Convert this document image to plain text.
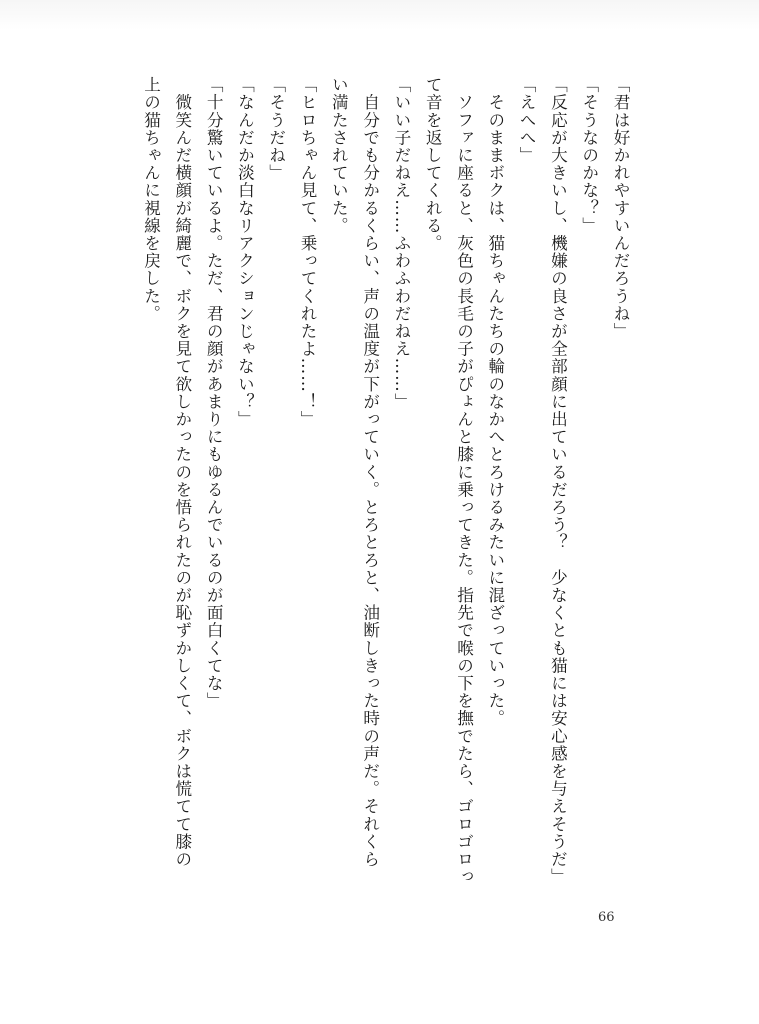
「君は好かれやすいんだろうね」

「そうなのかな？」

「反応が大きいし、機嫌の良さが全部顔に出ているだろう？　少なくとも猫には安心感を与えそうだ」

「えへへ」

　そのままボクは、猫ちゃんたちの輪のなかへとろけるみたいに混ざっていった。

　ソファに座ると、灰色の長毛の子がぴょんと膝に乗ってきた。指先で喉の下を撫でたら、ゴロゴロっ

て音を返してくれる。

「いい子だねえ……ふわふわだねえ……」

　自分でも分かるくらい、声の温度が下がっていく。とろとろと、油断しきった時の声だ。それくら

い満たされていた。

「ヒロちゃん見て、乗ってくれたよ……！」

「そうだね」

「なんだか淡白なリアクションじゃない？」

「十分驚いているよ。ただ、君の顔があまりにもゆるんでいるのが面白くてな」

　微笑んだ横顔が綺麗で、ボクを見て欲しかったのを悟られたのが恥ずかしくて、ボクは慌てて膝の

上の猫ちゃんに視線を戻した。

66
